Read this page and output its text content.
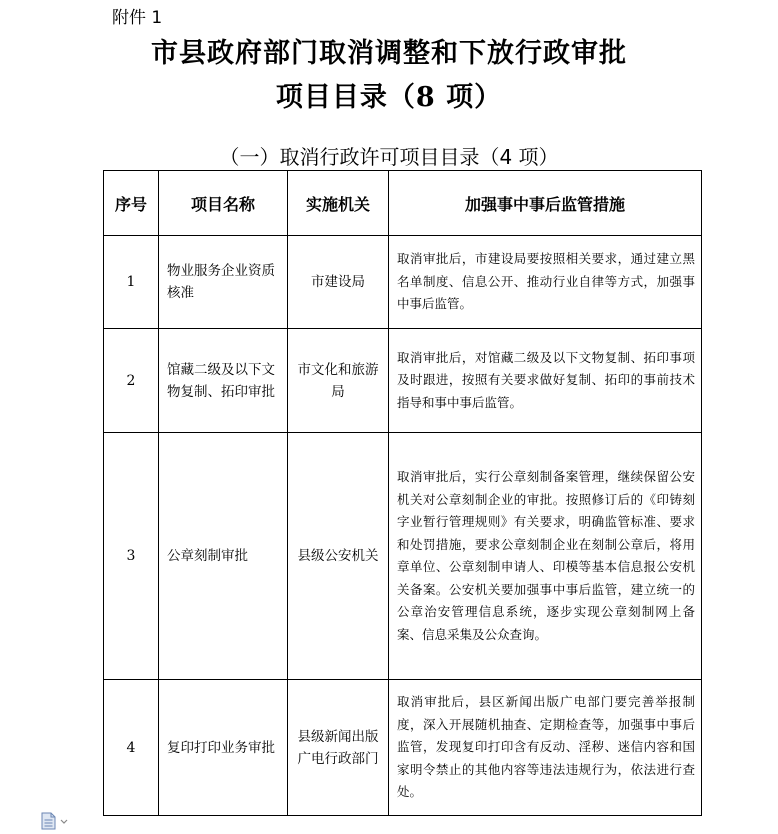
附件 1
市县政府部门取消调整和下放行政审批
项目目录（8 项）
（一）取消行政许可项目目录（4 项）
序号	项目名称	实施机关	加强事中事后监管措施
1	物业服务企业资质核准	市建设局	取消审批后，市建设局要按照相关要求，通过建立黑名单制度、信息公开、推动行业自律等方式，加强事中事后监管。
2	馆藏二级及以下文物复制、拓印审批	市文化和旅游局	取消审批后，对馆藏二级及以下文物复制、拓印事项及时跟进，按照有关要求做好复制、拓印的事前技术指导和事中事后监管。
3	公章刻制审批	县级公安机关	取消审批后，实行公章刻制备案管理，继续保留公安机关对公章刻制企业的审批。按照修订后的《印铸刻字业暂行管理规则》有关要求，明确监管标准、要求和处罚措施，要求公章刻制企业在刻制公章后，将用章单位、公章刻制申请人、印模等基本信息报公安机关备案。公安机关要加强事中事后监管，建立统一的公章治安管理信息系统，逐步实现公章刻制网上备案、信息采集及公众查询。
4	复印打印业务审批	县级新闻出版广电行政部门	取消审批后，县区新闻出版广电部门要完善举报制度，深入开展随机抽查、定期检查等，加强事中事后监管，发现复印打印含有反动、淫秽、迷信内容和国家明令禁止的其他内容等违法违规行为，依法进行查处。
